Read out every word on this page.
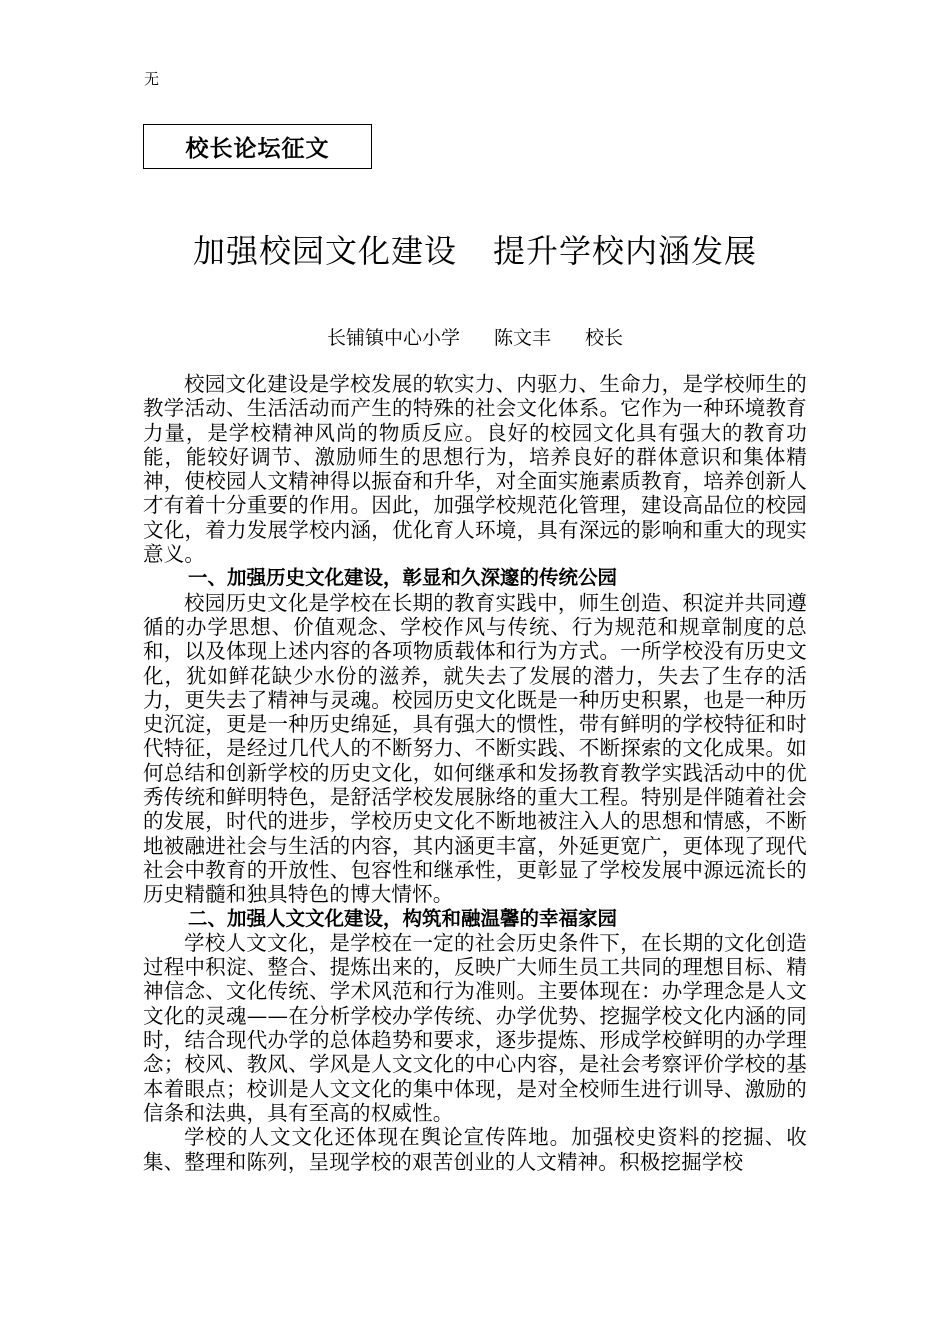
无
校长论坛征文
加强校园文化建设 提升学校内涵发展
长铺镇中心小学 陈文丰 校长

校园文化建设是学校发展的软实力、内驱力、生命力，是学校师生的教学活动、生活活动而产生的特殊的社会文化体系。它作为一种环境教育力量，是学校精神风尚的物质反应。良好的校园文化具有强大的教育功能，能较好调节、激励师生的思想行为，培养良好的群体意识和集体精神，使校园人文精神得以振奋和升华，对全面实施素质教育，培养创新人才有着十分重要的作用。因此，加强学校规范化管理，建设高品位的校园文化，着力发展学校内涵，优化育人环境，具有深远的影响和重大的现实意义。

一、加强历史文化建设，彰显和久深邃的传统公园

校园历史文化是学校在长期的教育实践中，师生创造、积淀并共同遵循的办学思想、价值观念、学校作风与传统、行为规范和规章制度的总和，以及体现上述内容的各项物质载体和行为方式。一所学校没有历史文化，犹如鲜花缺少水份的滋养，就失去了发展的潜力，失去了生存的活力，更失去了精神与灵魂。校园历史文化既是一种历史积累，也是一种历史沉淀，更是一种历史绵延，具有强大的惯性，带有鲜明的学校特征和时代特征，是经过几代人的不断努力、不断实践、不断探索的文化成果。如何总结和创新学校的历史文化，如何继承和发扬教育教学实践活动中的优秀传统和鲜明特色，是舒活学校发展脉络的重大工程。特别是伴随着社会的发展，时代的进步，学校历史文化不断地被注入人的思想和情感，不断地被融进社会与生活的内容，其内涵更丰富，外延更宽广，更体现了现代社会中教育的开放性、包容性和继承性，更彰显了学校发展中源远流长的历史精髓和独具特色的博大情怀。

二、加强人文文化建设，构筑和融温馨的幸福家园

学校人文文化，是学校在一定的社会历史条件下，在长期的文化创造过程中积淀、整合、提炼出来的，反映广大师生员工共同的理想目标、精神信念、文化传统、学术风范和行为准则。主要体现在：办学理念是人文文化的灵魂——在分析学校办学传统、办学优势、挖掘学校文化内涵的同时，结合现代办学的总体趋势和要求，逐步提炼、形成学校鲜明的办学理念；校风、教风、学风是人文文化的中心内容，是社会考察评价学校的基本着眼点；校训是人文文化的集中体现，是对全校师生进行训导、激励的信条和法典，具有至高的权威性。

学校的人文文化还体现在舆论宣传阵地。加强校史资料的挖掘、收集、整理和陈列，呈现学校的艰苦创业的人文精神。积极挖掘学校
